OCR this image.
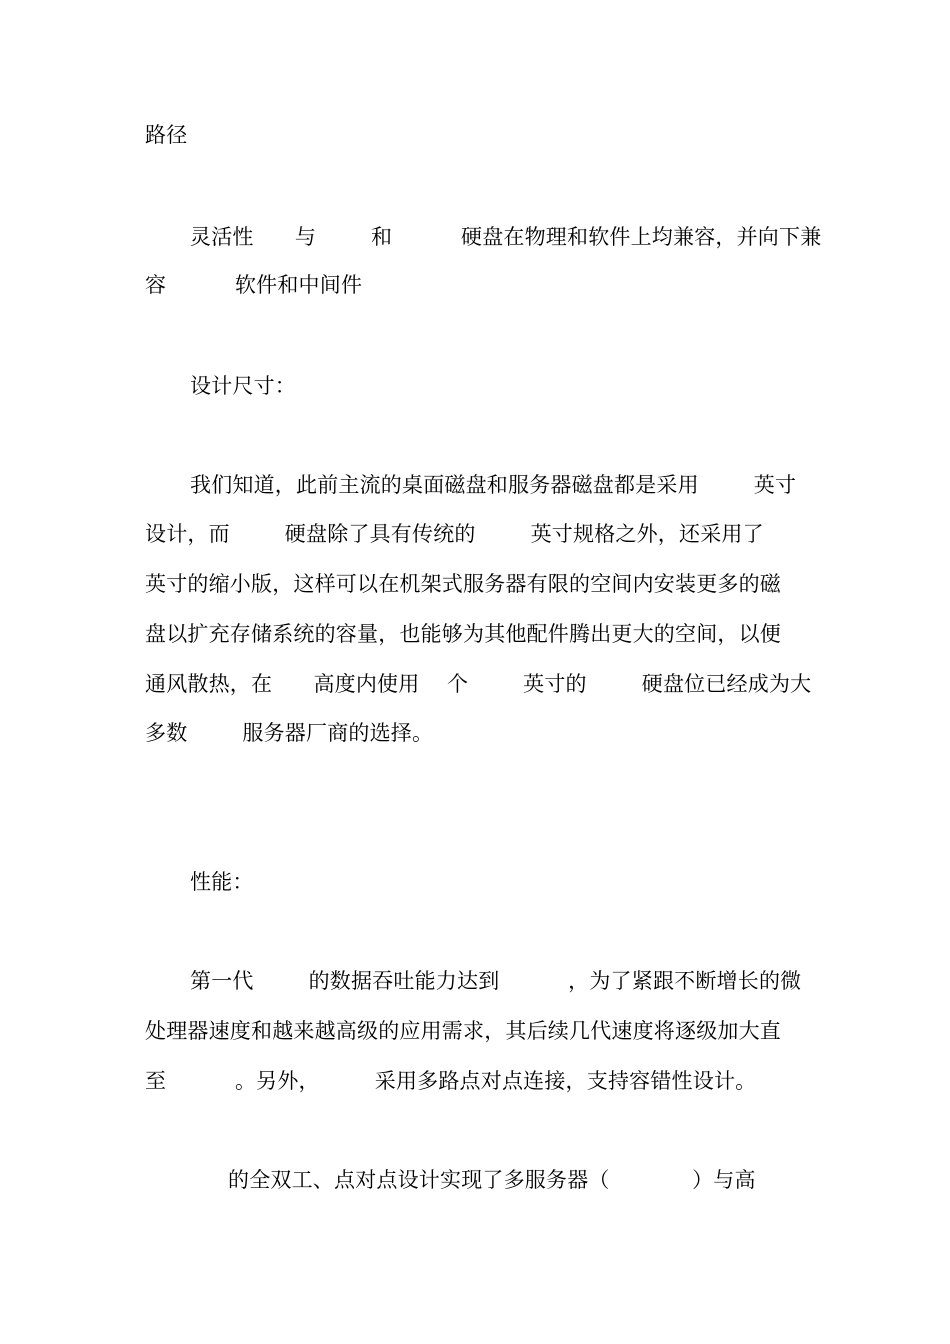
路径
灵活性      与        和          硬盘在物理和软件上均兼容，并向下兼
容          软件和中间件
设计尺寸：
我们知道，此前主流的桌面磁盘和服务器磁盘都是采用        英寸
设计，而        硬盘除了具有传统的        英寸规格之外，还采用了
英寸的缩小版，这样可以在机架式服务器有限的空间内安装更多的磁
盘以扩充存储系统的容量，也能够为其他配件腾出更大的空间，以便
通风散热，在      高度内使用    个        英寸的        硬盘位已经成为大
多数        服务器厂商的选择。
性能：
第一代        的数据吞吐能力达到          ，为了紧跟不断增长的微
处理器速度和越来越高级的应用需求，其后续几代速度将逐级加大直
至          。另外，        采用多路点对点连接，支持容错性设计。
的全双工、点对点设计实现了多服务器（            ）与高
